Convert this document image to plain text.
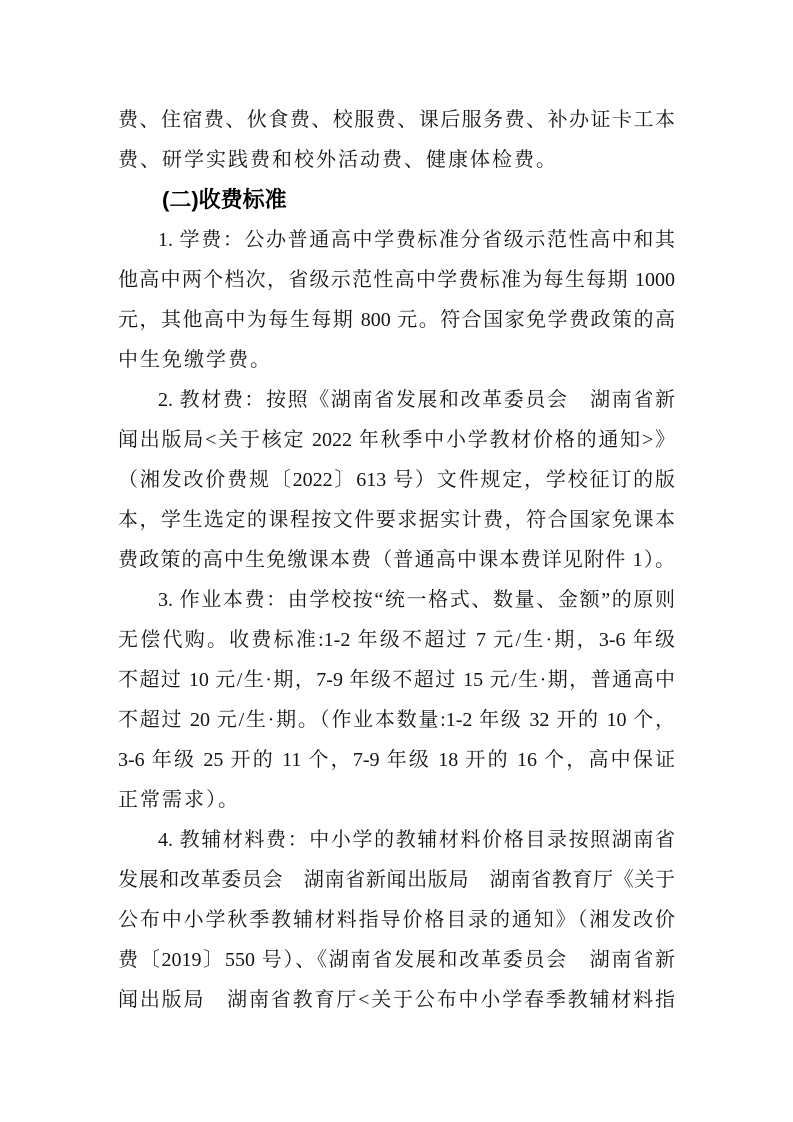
费、住宿费、伙食费、校服费、课后服务费、补办证卡工本
费、研学实践费和校外活动费、健康体检费。
(二)收费标准
1. 学费：公办普通高中学费标准分省级示范性高中和其
他高中两个档次，省级示范性高中学费标准为每生每期 1000
元，其他高中为每生每期 800 元。符合国家免学费政策的高
中生免缴学费。
2. 教材费：按照《湖南省发展和改革委员会　湖南省新
闻出版局<关于核定 2022 年秋季中小学教材价格的通知>》
（湘发改价费规〔2022〕613 号）文件规定，学校征订的版
本，学生选定的课程按文件要求据实计费，符合国家免课本
费政策的高中生免缴课本费（普通高中课本费详见附件 1）。
3. 作业本费：由学校按“统一格式、数量、金额”的原则
无偿代购。收费标准:1-2 年级不超过 7 元/生·期，3-6 年级
不超过 10 元/生·期，7-9 年级不超过 15 元/生·期，普通高中
不超过 20 元/生·期。（作业本数量:1-2 年级 32 开的 10 个，
3-6 年级 25 开的 11 个，7-9 年级 18 开的 16 个，高中保证
正常需求）。
4. 教辅材料费：中小学的教辅材料价格目录按照湖南省
发展和改革委员会　湖南省新闻出版局　湖南省教育厅《关于
公布中小学秋季教辅材料指导价格目录的通知》（湘发改价
费〔2019〕550 号）、《湖南省发展和改革委员会　湖南省新
闻出版局　湖南省教育厅<关于公布中小学春季教辅材料指
